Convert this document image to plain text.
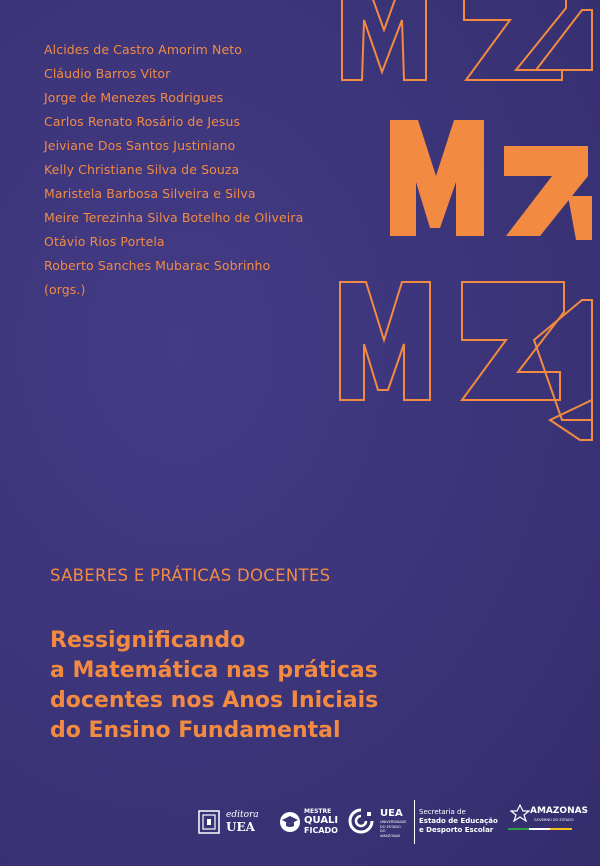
Alcides de Castro Amorim Neto
Cláudio Barros Vitor
Jorge de Menezes Rodrigues
Carlos Renato Rosário de Jesus
Jeiviane Dos Santos Justiniano
Kelly Christiane Silva de Souza
Maristela Barbosa Silveira e Silva
Meire Terezinha Silva Botelho de Oliveira
Otávio Rios Portela
Roberto Sanches Mubarac Sobrinho
(orgs.)
SABERES E PRÁTICAS DOCENTES
Ressignificando
a Matemática nas práticas
docentes nos Anos Iniciais
do Ensino Fundamental
editora
UEA
MESTRE
QUALI
FICADO
UEA
UNIVERSIDADE DO ESTADO DO AMAZONAS
Secretaria de
Estado de Educação
e Desporto Escolar
AMAZONAS
GOVERNO DO ESTADO
